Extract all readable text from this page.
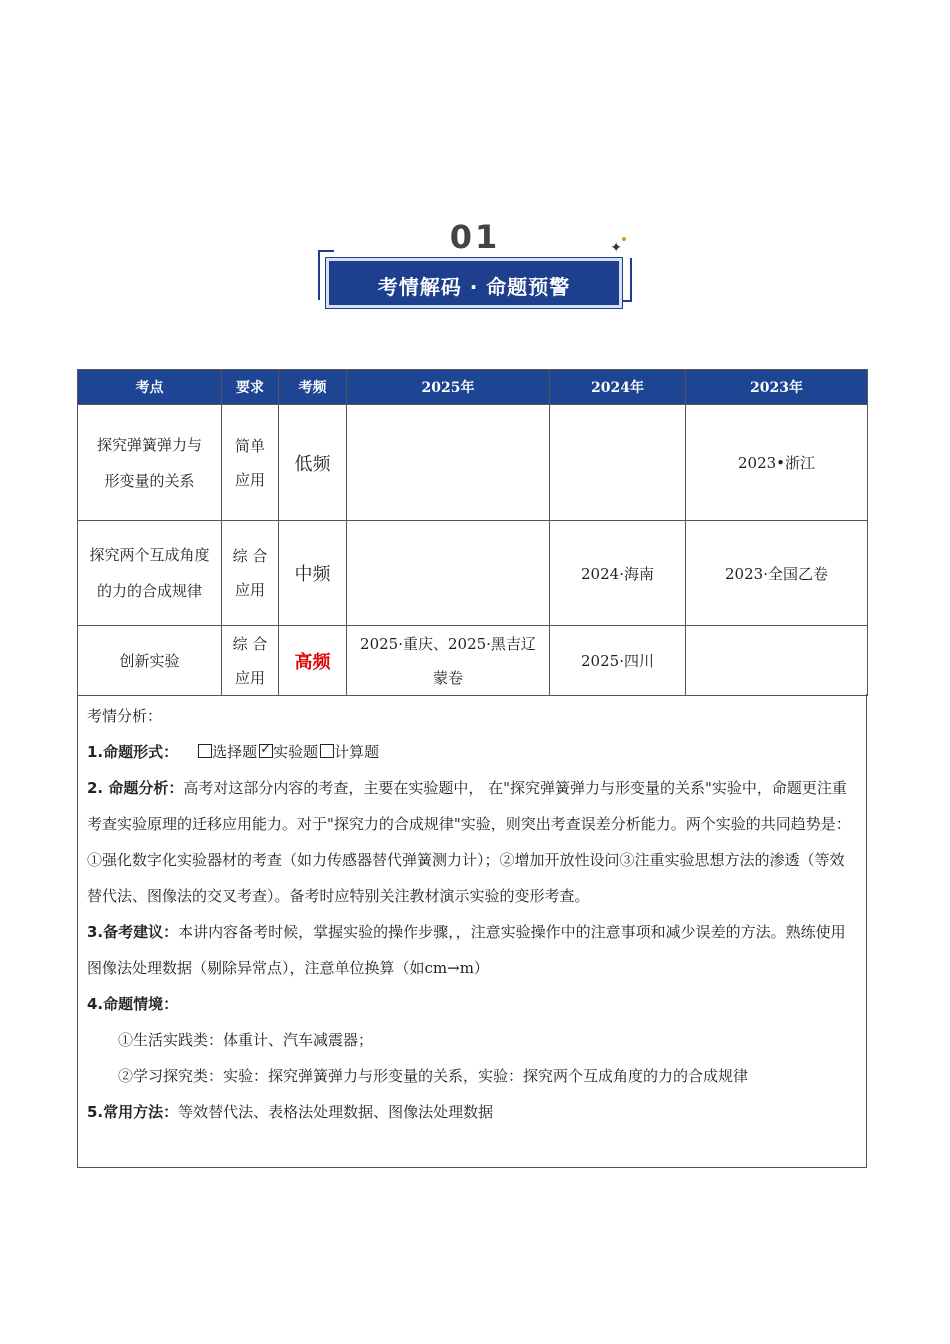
01	✦
考情解码 · 命题预警
考点	要求	考频	2025年	2024年	2023年
探究弹簧弹力与形变量的关系	简单应用	低频			2023•浙江
探究两个互成角度的力的合成规律	综 合应用	中频		2024·海南	2023·全国乙卷
创新实验	综 合应用	高频	2025·重庆、2025·黑吉辽蒙卷	2025·四川	

考情分析：

1.命题形式： 选择题 ✓ 实验题 计算题

2. 命题分析：高考对这部分内容的考查，主要在实验题中， 在"探究弹簧弹力与形变量的关系"实验中，命题更注重考查实验原理的迁移应用能力。对于"探究力的合成规律"实验，则突出考查误差分析能力。两个实验的共同趋势是：①强化数字化实验器材的考查（如力传感器替代弹簧测力计）；②增加开放性设问③注重实验思想方法的渗透（等效替代法、图像法的交叉考查）。备考时应特别关注教材演示实验的变形考查。

3.备考建议：本讲内容备考时候，掌握实验的操作步骤，，注意实验操作中的注意事项和减少误差的方法。熟练使用图像法处理数据（剔除异常点），注意单位换算（如cm→m）

4.命题情境：

①生活实践类：体重计、汽车减震器；

②学习探究类：实验：探究弹簧弹力与形变量的关系，实验：探究两个互成角度的力的合成规律

5.常用方法：等效替代法、表格法处理数据、图像法处理数据
